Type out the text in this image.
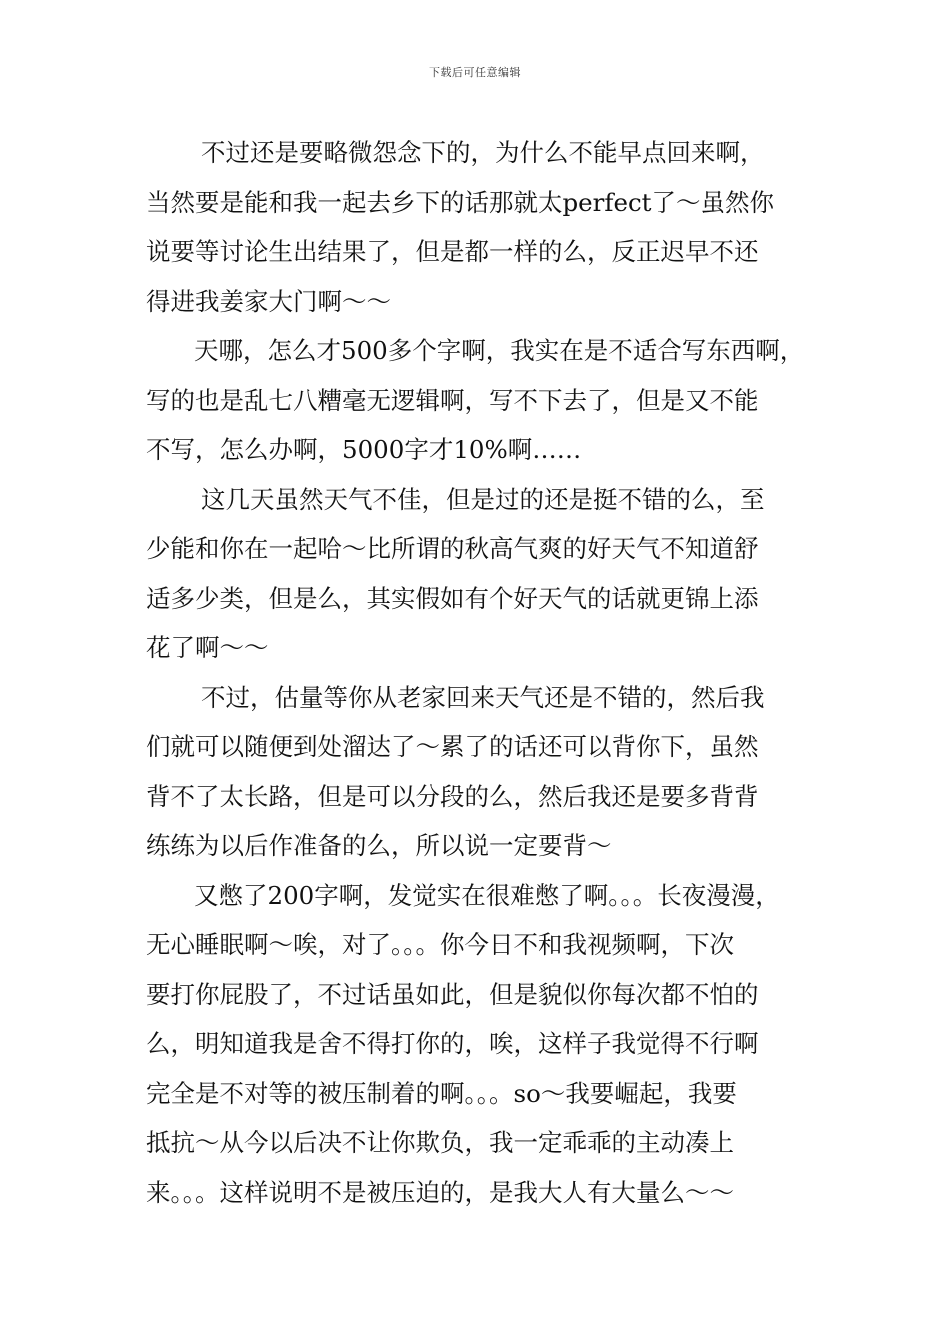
下载后可任意编辑

不过还是要略微怨念下的，为什么不能早点回来啊，
当然要是能和我一起去乡下的话那就太perfect了～虽然你
说要等讨论生出结果了，但是都一样的么，反正迟早不还
得进我姜家大门啊～～

天哪，怎么才500多个字啊，我实在是不适合写东西啊，
写的也是乱七八糟毫无逻辑啊，写不下去了，但是又不能
不写，怎么办啊，5000字才10%啊……

这几天虽然天气不佳，但是过的还是挺不错的么，至
少能和你在一起哈～比所谓的秋高气爽的好天气不知道舒
适多少类，但是么，其实假如有个好天气的话就更锦上添
花了啊～～

不过，估量等你从老家回来天气还是不错的，然后我
们就可以随便到处溜达了～累了的话还可以背你下，虽然
背不了太长路，但是可以分段的么，然后我还是要多背背
练练为以后作准备的么，所以说一定要背～

又憋了200字啊，发觉实在很难憋了啊。。。长夜漫漫，
无心睡眠啊～唉，对了。。。你今日不和我视频啊，下次
要打你屁股了，不过话虽如此，但是貌似你每次都不怕的
么，明知道我是舍不得打你的，唉，这样子我觉得不行啊
完全是不对等的被压制着的啊。。。so～我要崛起，我要
抵抗～从今以后决不让你欺负，我一定乖乖的主动凑上
来。。。这样说明不是被压迫的，是我大人有大量么～～
